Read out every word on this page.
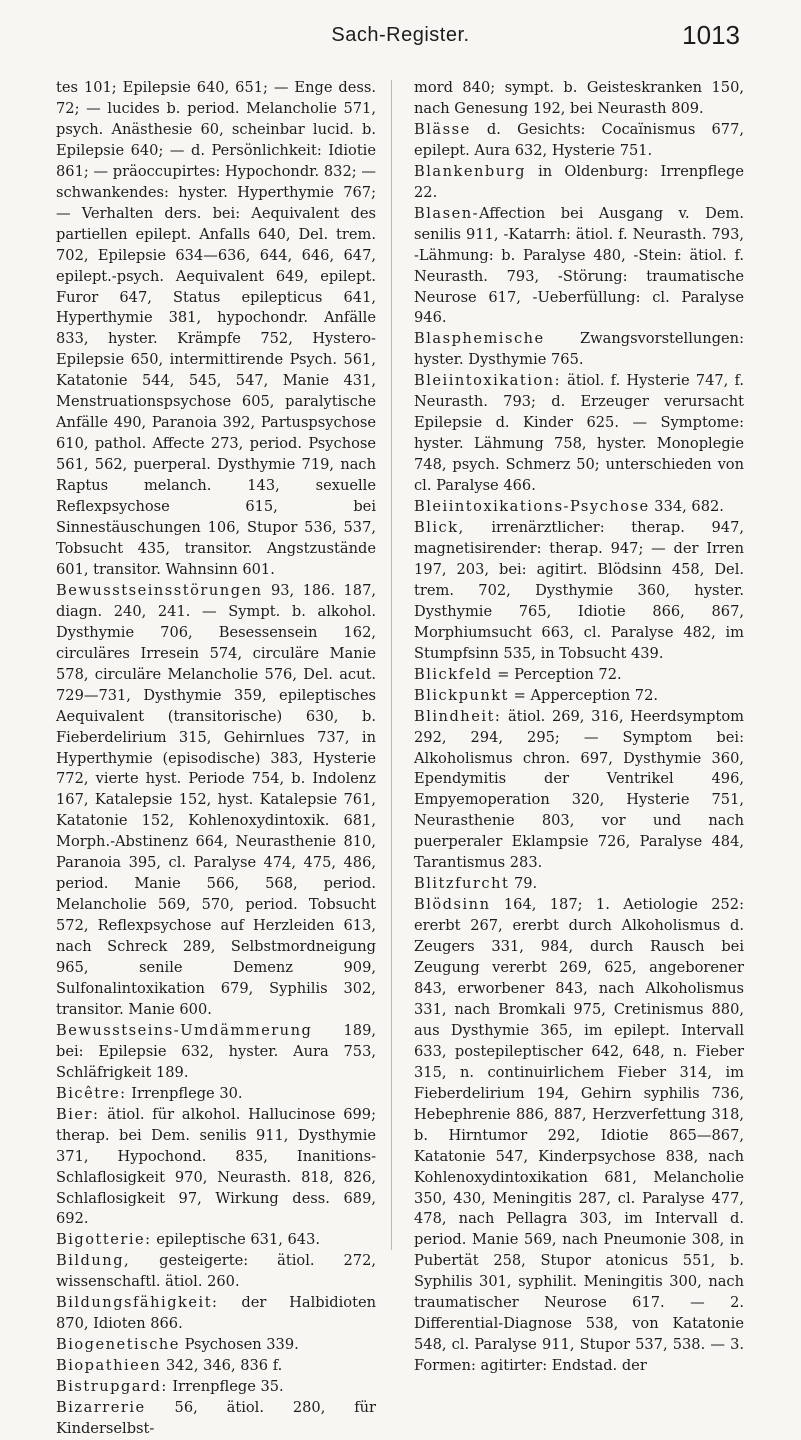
Sach-Register.	1013

tes 101; Epilepsie 640, 651; — Enge dess. 72; — lucides b. period. Melancholie 571, psych. Anästhesie 60, scheinbar lucid. b. Epilepsie 640; — d. Persönlichkeit: Idiotie 861; — präoccupirtes: Hypochondr. 832; — schwankendes: hyster. Hyperthymie 767; — Verhalten ders. bei: Aequivalent des partiellen epilept. Anfalls 640, Del. trem. 702, Epilepsie 634—636, 644, 646, 647, epilept.-psych. Aequivalent 649, epilept. Furor 647, Status epilepticus 641, Hyperthymie 381, hypochondr. Anfälle 833, hyster. Krämpfe 752, Hystero-Epilepsie 650, intermittirende Psych. 561, Katatonie 544, 545, 547, Manie 431, Menstruationspsychose 605, paralytische Anfälle 490, Paranoia 392, Partuspsychose 610, pathol. Affecte 273, period. Psychose 561, 562, puerperal. Dysthymie 719, nach Raptus melanch. 143, sexuelle Reflexpsychose 615, bei Sinnestäuschungen 106, Stupor 536, 537, Tobsucht 435, transitor. Angstzustände 601, transitor. Wahnsinn 601.

Bewusstseinsstörungen 93, 186. 187, diagn. 240, 241. — Sympt. b. alkohol. Dysthymie 706, Besessensein 162, circuläres Irresein 574, circuläre Manie 578, circuläre Melancholie 576, Del. acut. 729—731, Dysthymie 359, epileptisches Aequivalent (transitorische) 630, b. Fieberdelirium 315, Gehirnlues 737, in Hyperthymie (episodische) 383, Hysterie 772, vierte hyst. Periode 754, b. Indolenz 167, Katalepsie 152, hyst. Katalepsie 761, Katatonie 152, Kohlenoxydintoxik. 681, Morph.-Abstinenz 664, Neurasthenie 810, Paranoia 395, cl. Paralyse 474, 475, 486, period. Manie 566, 568, period. Melancholie 569, 570, period. Tobsucht 572, Reflexpsychose auf Herzleiden 613, nach Schreck 289, Selbstmordneigung 965, senile Demenz 909, Sulfonalintoxikation 679, Syphilis 302, transitor. Manie 600.

Bewusstseins-Umdämmerung 189, bei: Epilepsie 632, hyster. Aura 753, Schläfrigkeit 189.

Bicêtre: Irrenpflege 30.

Bier: ätiol. für alkohol. Hallucinose 699; therap. bei Dem. senilis 911, Dysthymie 371, Hypochond. 835, Inanitions-Schlaflosigkeit 970, Neurasth. 818, 826, Schlaflosigkeit 97, Wirkung dess. 689, 692.

Bigotterie: epileptische 631, 643.

Bildung, gesteigerte: ätiol. 272, wissenschaftl. ätiol. 260.

Bildungsfähigkeit: der Halbidioten 870, Idioten 866.

Biogenetische Psychosen 339.

Biopathieen 342, 346, 836 f.

Bistrupgard: Irrenpflege 35.

Bizarrerie 56, ätiol. 280, für Kinderselbst-

mord 840; sympt. b. Geisteskranken 150, nach Genesung 192, bei Neurasth 809.

Blässe d. Gesichts: Cocaïnismus 677, epilept. Aura 632, Hysterie 751.

Blankenburg in Oldenburg: Irrenpflege 22.

Blasen-Affection bei Ausgang v. Dem. senilis 911, -Katarrh: ätiol. f. Neurasth. 793, -Lähmung: b. Paralyse 480, -Stein: ätiol. f. Neurasth. 793, -Störung: traumatische Neurose 617, -Ueberfüllung: cl. Paralyse 946.

Blasphemische Zwangsvorstellungen: hyster. Dysthymie 765.

Bleiintoxikation: ätiol. f. Hysterie 747, f. Neurasth. 793; d. Erzeuger verursacht Epilepsie d. Kinder 625. — Symptome: hyster. Lähmung 758, hyster. Monoplegie 748, psych. Schmerz 50; unterschieden von cl. Paralyse 466.

Bleiintoxikations-Psychose 334, 682.

Blick, irrenärztlicher: therap. 947, magnetisirender: therap. 947; — der Irren 197, 203, bei: agitirt. Blödsinn 458, Del. trem. 702, Dysthymie 360, hyster. Dysthymie 765, Idiotie 866, 867, Morphiumsucht 663, cl. Paralyse 482, im Stumpfsinn 535, in Tobsucht 439.

Blickfeld = Perception 72.

Blickpunkt = Apperception 72.

Blindheit: ätiol. 269, 316, Heerdsymptom 292, 294, 295; — Symptom bei: Alkoholismus chron. 697, Dysthymie 360, Ependymitis der Ventrikel 496, Empyemoperation 320, Hysterie 751, Neurasthenie 803, vor und nach puerperaler Eklampsie 726, Paralyse 484, Tarantismus 283.

Blitzfurcht 79.

Blödsinn 164, 187; 1. Aetiologie 252: ererbt 267, ererbt durch Alkoholismus d. Zeugers 331, 984, durch Rausch bei Zeugung vererbt 269, 625, angeborener 843, erworbener 843, nach Alkoholismus 331, nach Bromkali 975, Cretinismus 880, aus Dysthymie 365, im epilept. Intervall 633, postepileptischer 642, 648, n. Fieber 315, n. continuirlichem Fieber 314, im Fieberdelirium 194, Gehirn syphilis 736, Hebephrenie 886, 887, Herzverfettung 318, b. Hirntumor 292, Idiotie 865—867, Katatonie 547, Kinderpsychose 838, nach Kohlenoxydintoxikation 681, Melancholie 350, 430, Meningitis 287, cl. Paralyse 477, 478, nach Pellagra 303, im Intervall d. period. Manie 569, nach Pneumonie 308, in Pubertät 258, Stupor atonicus 551, b. Syphilis 301, syphilit. Meningitis 300, nach traumatischer Neurose 617. — 2. Differential-Diagnose 538, von Katatonie 548, cl. Paralyse 911, Stupor 537, 538. — 3. Formen: agitirter: Endstad. der
